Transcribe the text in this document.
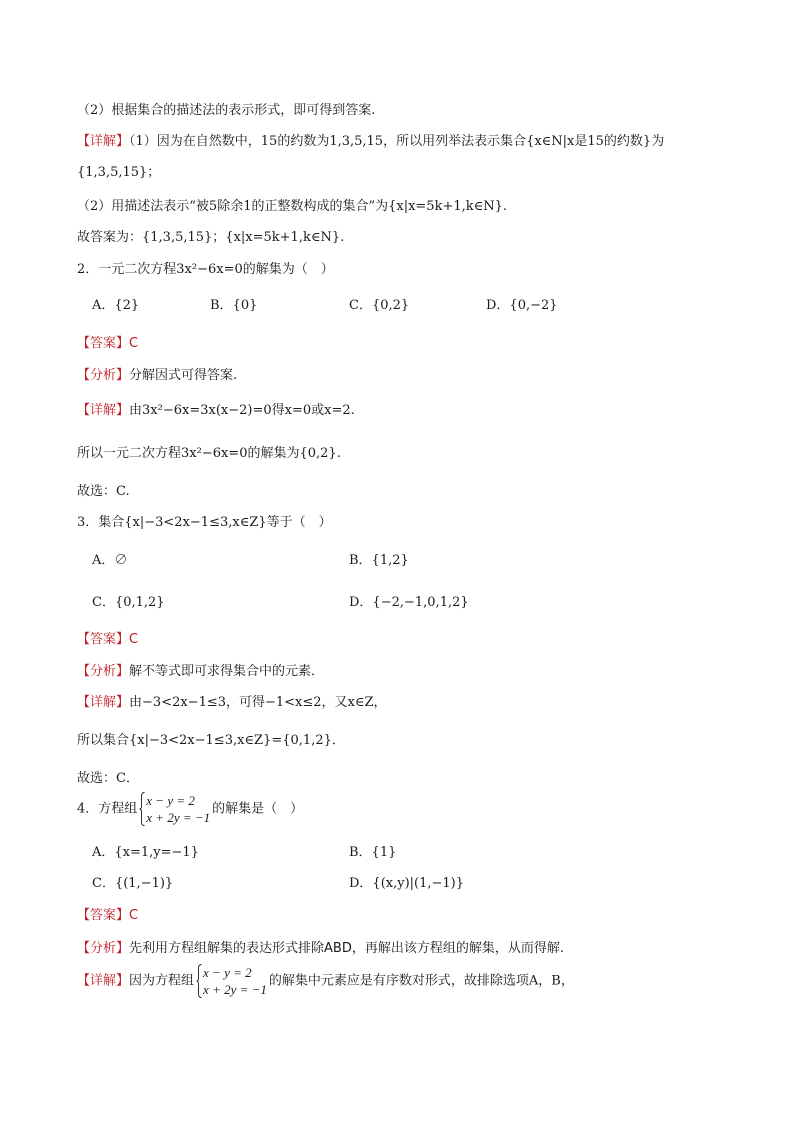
（2）根据集合的描述法的表示形式，即可得到答案.
【详解】（1）因为在自然数中，15的约数为1,3,5,15，所以用列举法表示集合{x∈N|x是15的约数}为
{1,3,5,15}；
（2）用描述法表示“被5除余1的正整数构成的集合”为{x|x=5k+1,k∈N}.
故答案为：{1,3,5,15}；{x|x=5k+1,k∈N}.
2．一元二次方程3x²−6x=0的解集为（　）
A．{2}	B．{0}	C．{0,2}	D．{0,−2}
【答案】C
【分析】分解因式可得答案.
【详解】由3x²−6x=3x(x−2)=0得x=0或x=2.
所以一元二次方程3x²−6x=0的解集为{0,2}.
故选：C.
3．集合{x|−3<2x−1≤3,x∈Z}等于（　）
A．∅	B．{1,2}
C．{0,1,2}	D．{−2,−1,0,1,2}
【答案】C
【分析】解不等式即可求得集合中的元素．
【详解】由−3<2x−1≤3，可得−1<x≤2，又x∈Z，
所以集合{x|−3<2x−1≤3,x∈Z}={0,1,2}．
故选：C．
4．方程组
x − y = 2
x + 2y = −1
的解集是（　）
A．{x=1,y=−1}	B．{1}
C．{(1,−1)}	D．{(x,y)|(1,−1)}
【答案】C
【分析】先利用方程组解集的表达形式排除ABD，再解出该方程组的解集，从而得解.
【详解】因为方程组
x − y = 2
x + 2y = −1
的解集中元素应是有序数对形式，故排除选项A，B，
